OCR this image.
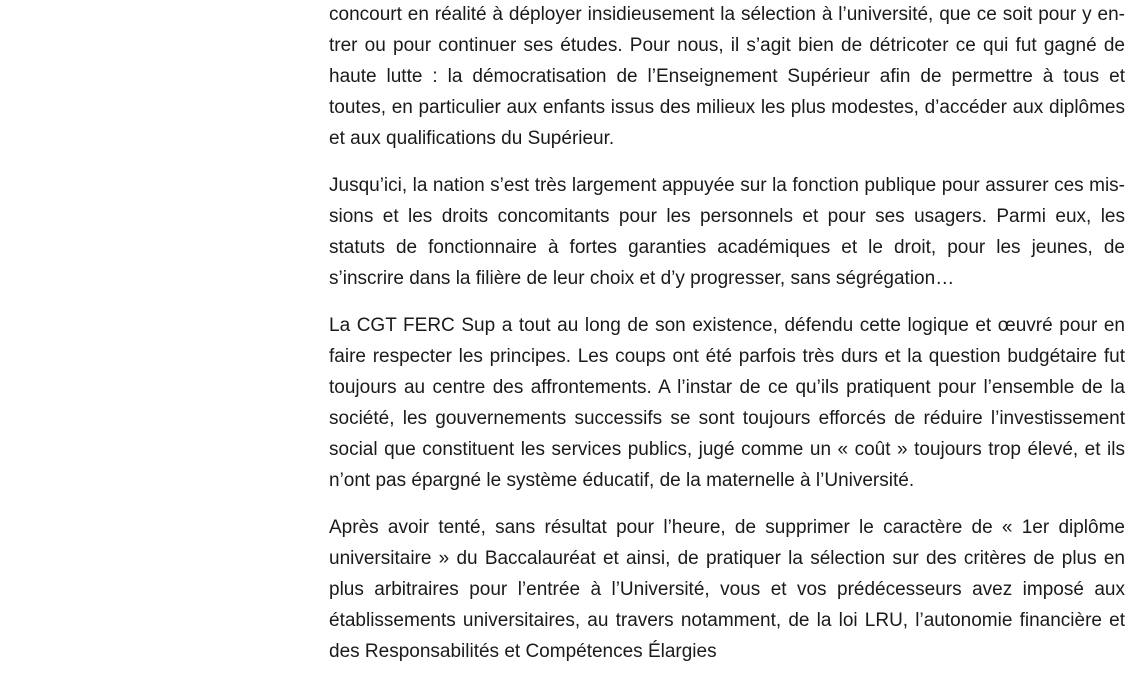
concourt en réalité à déployer insidieusement la sélection à l’université, que ce soit pour y entrer ou pour continuer ses études. Pour nous, il s’agit bien de détricoter ce qui fut gagné de haute lutte : la démocratisation de l’Enseignement Supérieur afin de permettre à tous et toutes, en particulier aux enfants issus des milieux les plus modestes, d’accéder aux diplômes et aux qualifications du Supérieur.

Jusqu’ici, la nation s’est très largement appuyée sur la fonction publique pour assurer ces missions et les droits concomitants pour les personnels et pour ses usagers. Parmi eux, les statuts de fonctionnaire à fortes garanties académiques et le droit, pour les jeunes, de s’inscrire dans la filière de leur choix et d’y progresser, sans ségrégation…

La CGT FERC Sup a tout au long de son existence, défendu cette logique et œuvré pour en faire respecter les principes. Les coups ont été parfois très durs et la question budgétaire fut toujours au centre des affrontements. A l’instar de ce qu’ils pratiquent pour l’ensemble de la société, les gouvernements successifs se sont toujours efforcés de réduire l’investissement social que constituent les services publics, jugé comme un « coût » toujours trop élevé, et ils n’ont pas épargné le système éducatif, de la maternelle à l’Université.

Après avoir tenté, sans résultat pour l’heure, de supprimer le caractère de « 1er diplôme universitaire » du Baccalauréat et ainsi, de pratiquer la sélection sur des critères de plus en plus arbitraires pour l’entrée à l’Université, vous et vos prédécesseurs avez imposé aux établissements universitaires, au travers notamment, de la loi LRU, l’autonomie financière et des Responsabilités et Compétences Élargies
